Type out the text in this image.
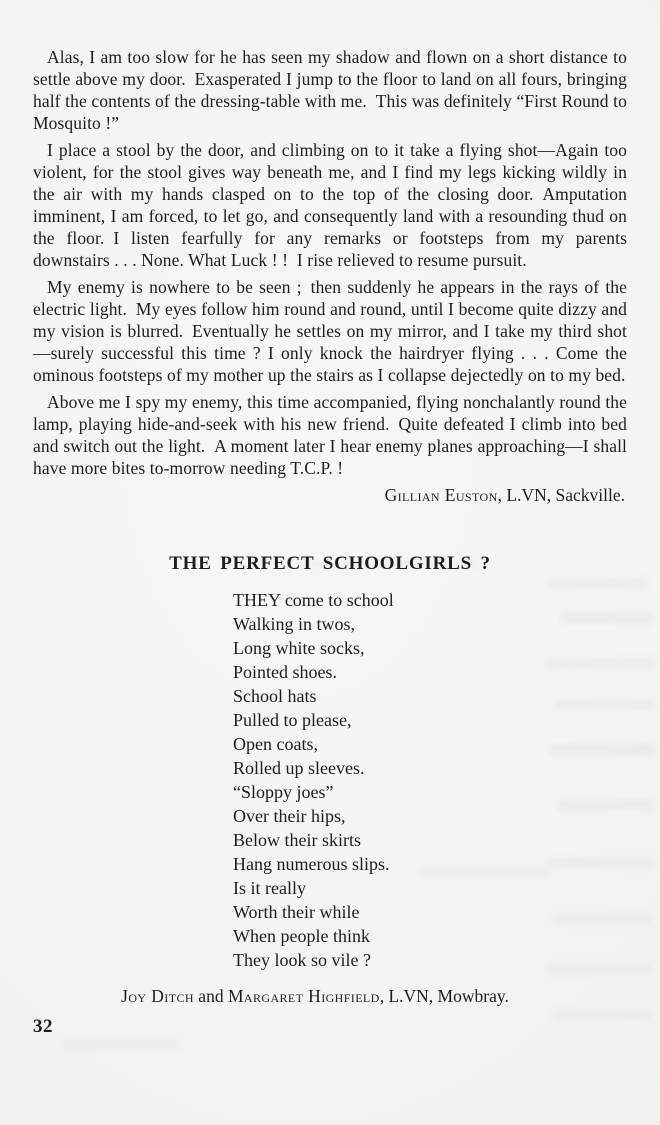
Alas, I am too slow for he has seen my shadow and flown on a short distance to settle above my door. Exasperated I jump to the floor to land on all fours, bringing half the contents of the dressing-table with me. This was definitely “First Round to Mosquito !”

I place a stool by the door, and climbing on to it take a flying shot—Again too violent, for the stool gives way beneath me, and I find my legs kicking wildly in the air with my hands clasped on to the top of the closing door. Amputation imminent, I am forced, to let go, and consequently land with a resounding thud on the floor. I listen fearfully for any remarks or footsteps from my parents downstairs . . . None. What Luck ! ! I rise relieved to resume pursuit.

My enemy is nowhere to be seen ; then suddenly he appears in the rays of the electric light. My eyes follow him round and round, until I become quite dizzy and my vision is blurred. Eventually he settles on my mirror, and I take my third shot—surely successful this time ? I only knock the hairdryer flying . . . Come the ominous footsteps of my mother up the stairs as I collapse dejectedly on to my bed.

Above me I spy my enemy, this time accompanied, flying nonchalantly round the lamp, playing hide-and-seek with his new friend. Quite defeated I climb into bed and switch out the light. A moment later I hear enemy planes approaching—I shall have more bites to-morrow needing T.C.P. !

Gillian Euston, L.VN, Sackville.
THE PERFECT SCHOOLGIRLS ?
THEY come to school
Walking in twos,
Long white socks,
Pointed shoes.
School hats
Pulled to please,
Open coats,
Rolled up sleeves.
“Sloppy joes”
Over their hips,
Below their skirts
Hang numerous slips.
Is it really
Worth their while
When people think
They look so vile ?
Joy Ditch and Margaret Highfield, L.VN, Mowbray.
32
